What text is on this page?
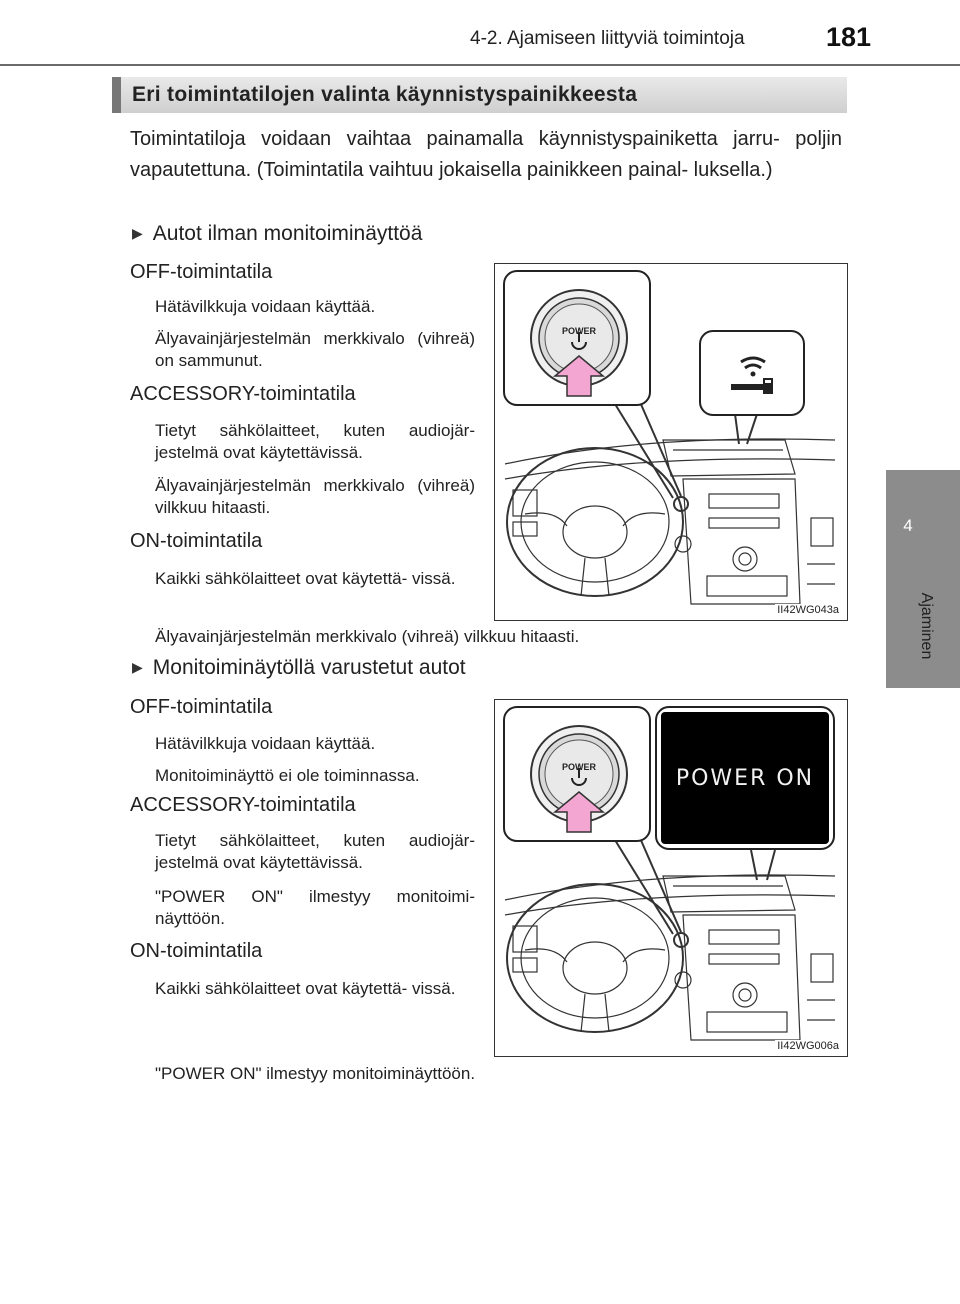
4-2. Ajamiseen liittyviä toimintoja	181
4
Ajaminen
Eri toimintatilojen valinta käynnistyspainikkeesta
Toimintatiloja voidaan vaihtaa painamalla käynnistyspainiketta jarru- poljin vapautettuna. (Toimintatila vaihtuu jokaisella painikkeen painal- luksella.)
▶ Autot ilman monitoiminäyttöä
OFF-toimintatila
Hätävilkkuja voidaan käyttää.
Älyavainjärjestelmän merkkivalo (vihreä) on sammunut.
ACCESSORY-toimintatila
Tietyt sähkölaitteet, kuten audiojär- jestelmä ovat käytettävissä.
Älyavainjärjestelmän merkkivalo (vihreä) vilkkuu hitaasti.
ON-toimintatila
Kaikki sähkölaitteet ovat käytettä- vissä.
Älyavainjärjestelmän merkkivalo (vihreä) vilkkuu hitaasti.
POWER
II42WG043a
▶ Monitoiminäytöllä varustetut autot
OFF-toimintatila
Hätävilkkuja voidaan käyttää.
Monitoiminäyttö ei ole toiminnassa.
ACCESSORY-toimintatila
Tietyt sähkölaitteet, kuten audiojär- jestelmä ovat käytettävissä.
"POWER ON" ilmestyy monitoimi- näyttöön.
ON-toimintatila
Kaikki sähkölaitteet ovat käytettä- vissä.
"POWER ON" ilmestyy monitoiminäyttöön.
POWER	POWER ON
II42WG006a
